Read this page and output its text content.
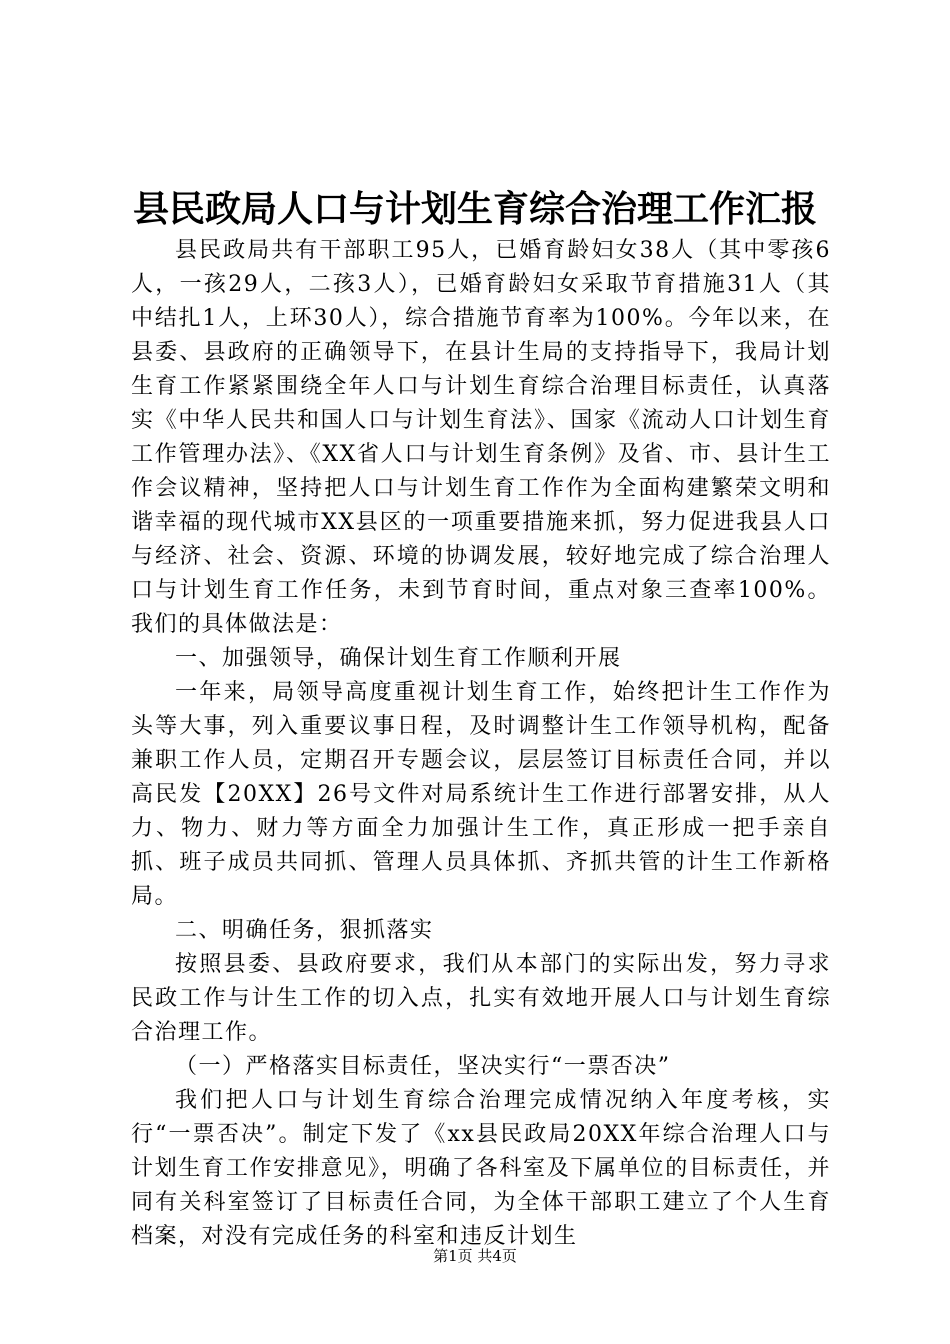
县民政局人口与计划生育综合治理工作汇报

县民政局共有干部职工95人，已婚育龄妇女38人（其中零孩6人，一孩29人，二孩3人），已婚育龄妇女采取节育措施31人（其中结扎1人，上环30人），综合措施节育率为100%。今年以来，在县委、县政府的正确领导下，在县计生局的支持指导下，我局计划生育工作紧紧围绕全年人口与计划生育综合治理目标责任，认真落实《中华人民共和国人口与计划生育法》、国家《流动人口计划生育工作管理办法》、《XX省人口与计划生育条例》及省、市、县计生工作会议精神，坚持把人口与计划生育工作作为全面构建繁荣文明和谐幸福的现代城市XX县区的一项重要措施来抓，努力促进我县人口与经济、社会、资源、环境的协调发展，较好地完成了综合治理人口与计划生育工作任务，未到节育时间，重点对象三查率100%。我们的具体做法是：

一、加强领导，确保计划生育工作顺利开展

一年来，局领导高度重视计划生育工作，始终把计生工作作为头等大事，列入重要议事日程，及时调整计生工作领导机构，配备兼职工作人员，定期召开专题会议，层层签订目标责任合同，并以高民发【20XX】26号文件对局系统计生工作进行部署安排，从人力、物力、财力等方面全力加强计生工作，真正形成一把手亲自抓、班子成员共同抓、管理人员具体抓、齐抓共管的计生工作新格局。

二、明确任务，狠抓落实

按照县委、县政府要求，我们从本部门的实际出发，努力寻求民政工作与计生工作的切入点，扎实有效地开展人口与计划生育综合治理工作。

（一）严格落实目标责任，坚决实行“一票否决”

我们把人口与计划生育综合治理完成情况纳入年度考核，实行“一票否决”。制定下发了《xx县民政局20XX年综合治理人口与计划生育工作安排意见》，明确了各科室及下属单位的目标责任，并同有关科室签订了目标责任合同，为全体干部职工建立了个人生育档案，对没有完成任务的科室和违反计划生

第1页 共4页
